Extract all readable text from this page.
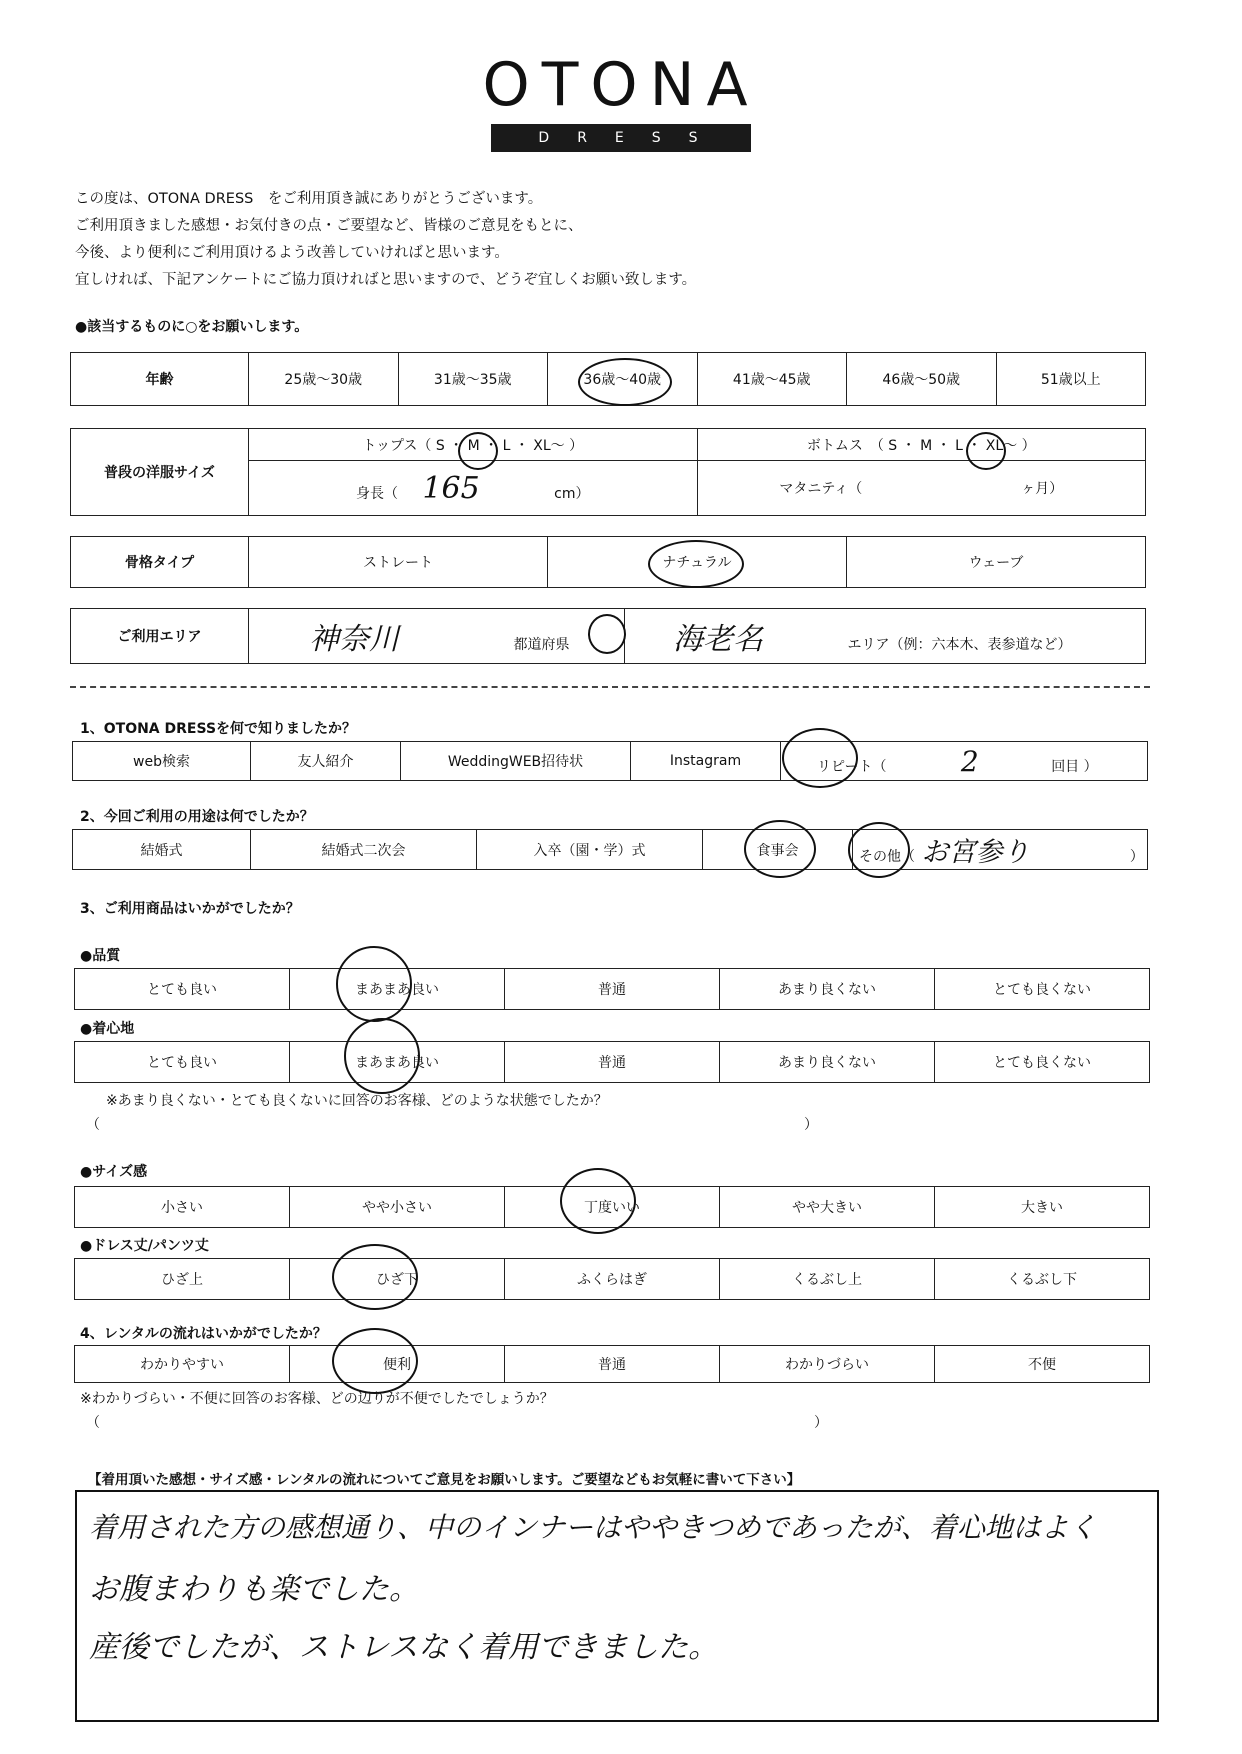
OTONA
DRESS
この度は、OTONA DRESS　をご利用頂き誠にありがとうございます。
ご利用頂きました感想・お気付きの点・ご要望など、皆様のご意見をもとに、
今後、より便利にご利用頂けるよう改善していければと思います。
宜しければ、下記アンケートにご協力頂ければと思いますので、どうぞ宜しくお願い致します。
●該当するものに○をお願いします。
年齢	25歳〜30歳	31歳〜35歳	36歳〜40歳	41歳〜45歳	46歳〜50歳	51歳以上
普段の洋服サイズ	トップス（ S ・ M ・ L ・ XL〜 ）	ボトムス　（ S ・ M ・ L ・ XL〜 ）
	身長（ 165 cm）	マタニティ（ ヶ月）
骨格タイプ	ストレート	ナチュラル	ウェーブ
ご利用エリア	神奈川	都道府県	海老名	エリア（例：六本木、表参道など）
1、OTONA DRESSを何で知りましたか？
web検索	友人紹介	WeddingWEB招待状	Instagram	リピート（	2	回目 ）
2、今回ご利用の用途は何でしたか？
結婚式	結婚式二次会	入卒（園・学）式	食事会	その他（ お宮参り	）
3、ご利用商品はいかがでしたか？
●品質
とても良い	まあまあ良い	普通	あまり良くない	とても良くない
●着心地
とても良い	まあまあ良い	普通	あまり良くない	とても良くない
※あまり良くない・とても良くないに回答のお客様、どのような状態でしたか？
（	）
●サイズ感
小さい	やや小さい	丁度いい	やや大きい	大きい
●ドレス丈/パンツ丈
ひざ上	ひざ下	ふくらはぎ	くるぶし上	くるぶし下
4、レンタルの流れはいかがでしたか？
わかりやすい	便利	普通	わかりづらい	不便
※わかりづらい・不便に回答のお客様、どの辺りが不便でしたでしょうか？
（	）
【着用頂いた感想・サイズ感・レンタルの流れについてご意見をお願いします。ご要望などもお気軽に書いて下さい】
着用された方の感想通り、中のインナーはややきつめであったが、着心地はよく
お腹まわりも楽でした。
産後でしたが、ストレスなく着用できました。
